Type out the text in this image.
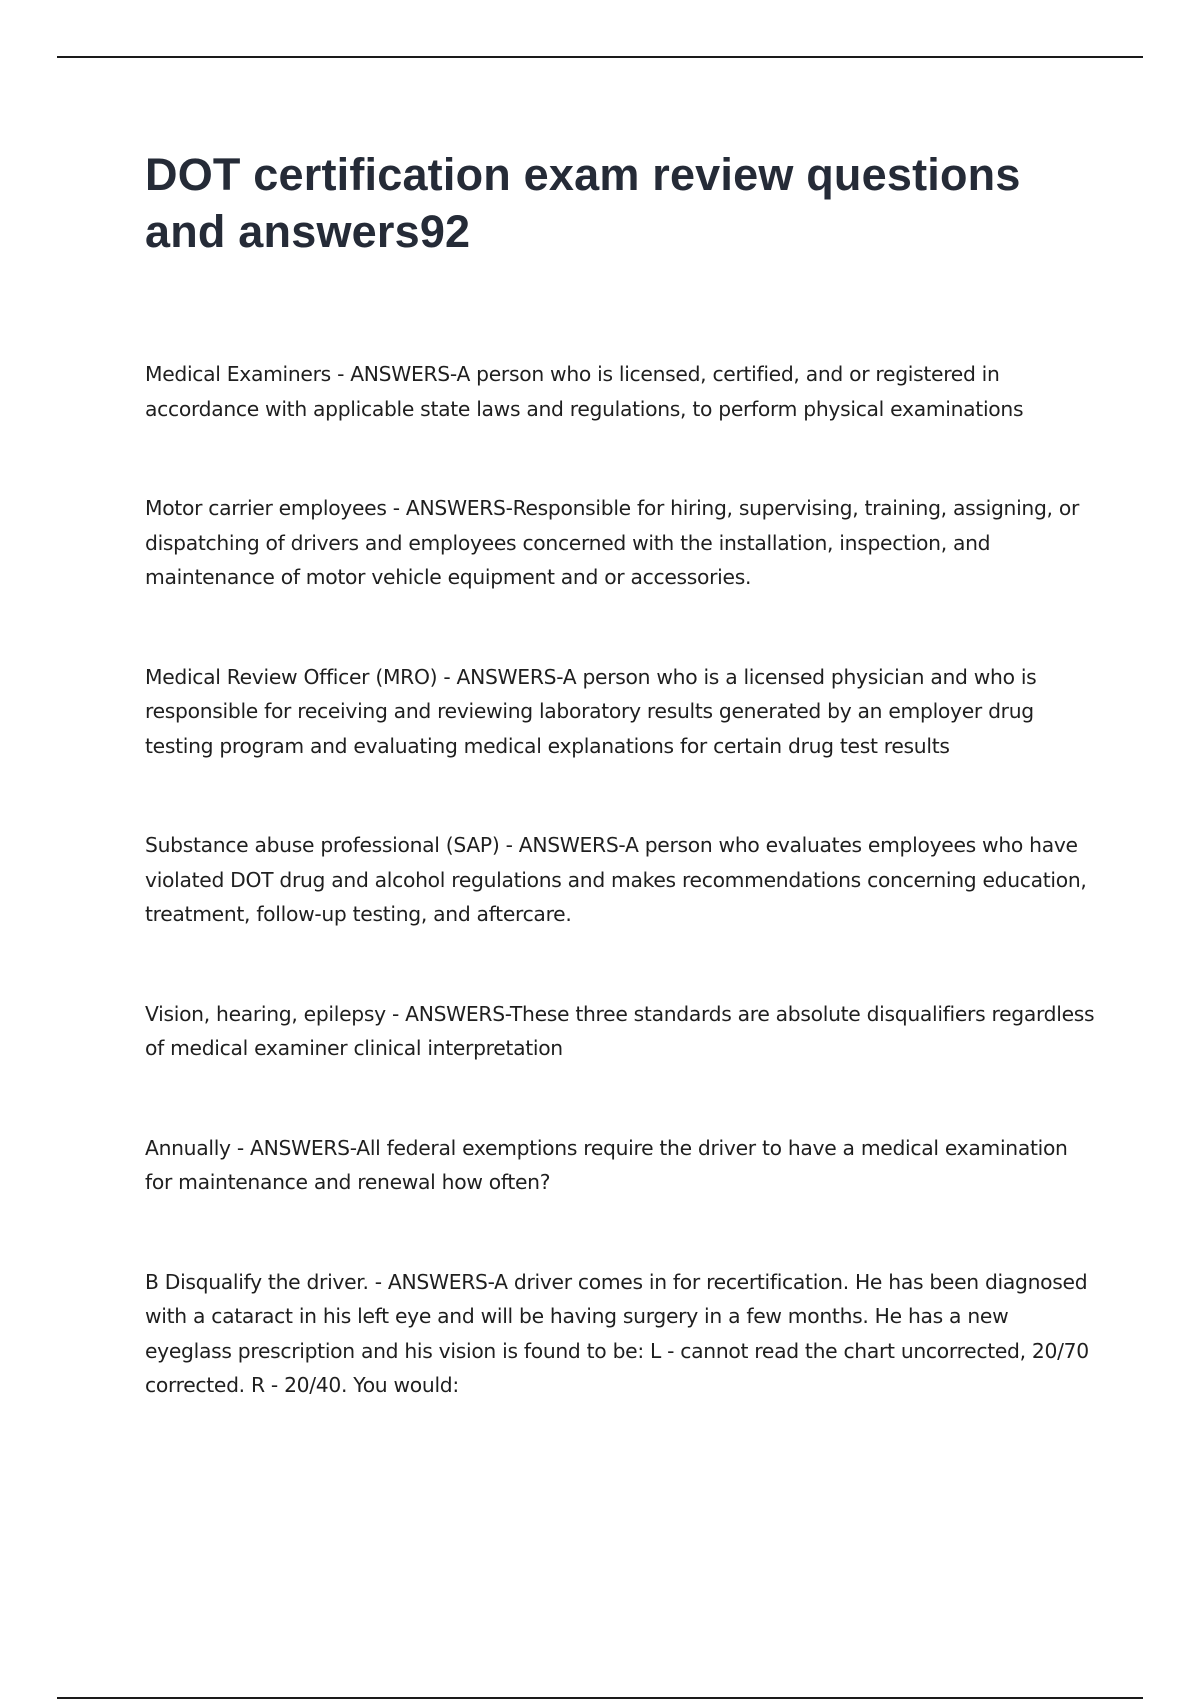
DOT certification exam review questions and answers92
Medical Examiners - ANSWERS-A person who is licensed, certified, and or registered in accordance with applicable state laws and regulations, to perform physical examinations
Motor carrier employees - ANSWERS-Responsible for hiring, supervising, training, assigning, or dispatching of drivers and employees concerned with the installation, inspection, and maintenance of motor vehicle equipment and or accessories.
Medical Review Officer (MRO) - ANSWERS-A person who is a licensed physician and who is responsible for receiving and reviewing laboratory results generated by an employer drug testing program and evaluating medical explanations for certain drug test results
Substance abuse professional (SAP) - ANSWERS-A person who evaluates employees who have violated DOT drug and alcohol regulations and makes recommendations concerning education, treatment, follow-up testing, and aftercare.
Vision, hearing, epilepsy - ANSWERS-These three standards are absolute disqualifiers regardless of medical examiner clinical interpretation
Annually - ANSWERS-All federal exemptions require the driver to have a medical examination for maintenance and renewal how often?
B Disqualify the driver. - ANSWERS-A driver comes in for recertification. He has been diagnosed with a cataract in his left eye and will be having surgery in a few months. He has a new eyeglass prescription and his vision is found to be: L - cannot read the chart uncorrected, 20/70 corrected. R - 20/40. You would:
